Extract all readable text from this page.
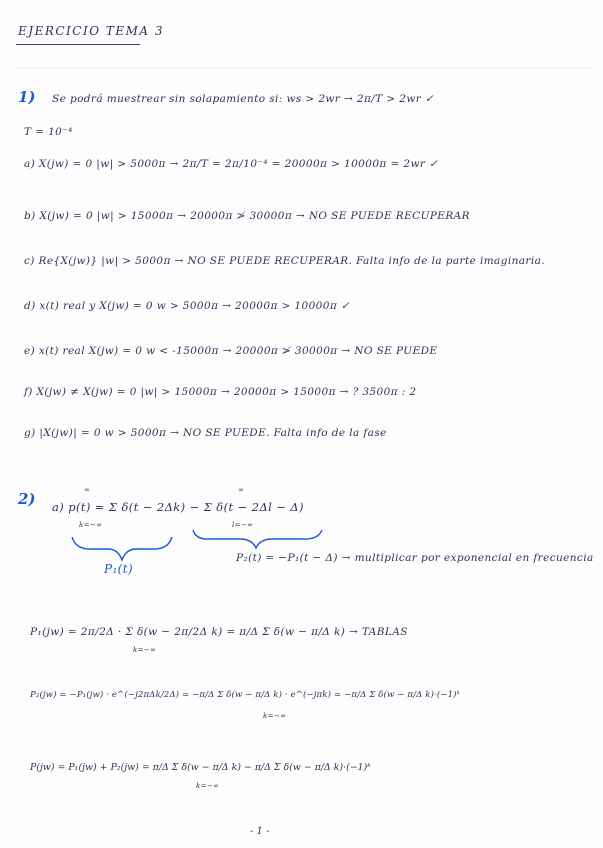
EJERCICIO TEMA 3
1) Se podrá muestrear sin solapamiento si: ws > 2wr → 2π/T > 2wr ✓
T = 10⁻⁴
a) X(jw) = 0 |w| > 5000π → 2π/T = 2π/10⁻⁴ = 20000π > 10000π = 2wr ✓
b) X(jw) = 0 |w| > 15000π → 20000π ≯ 30000π → NO SE PUEDE RECUPERAR
c) Re{X(jw)} |w| > 5000π → NO SE PUEDE RECUPERAR. Falta info de la parte imaginaria.
d) x(t) real y X(jw) = 0 w > 5000π → 20000π > 10000π ✓
e) x(t) real X(jw) = 0 w < -15000π → 20000π ≯ 30000π → NO SE PUEDE
f) X(jw) ≠ X(jw) = 0 |w| > 15000π → 20000π > 15000π → ? 3500π : 2
g) |X(jw)| = 0 w > 5000π → NO SE PUEDE. Falta info de la fase
2) a) p(t) = Σ δ(t − 2Δk) − Σ δ(t − 2Δl − Δ)
∞
k=−∞
∞
l=−∞
P₁(t)
P₂(t) = −P₁(t − Δ) → multiplicar por exponencial en frecuencia
P₁(jw) = 2π/2Δ · Σ δ(w − 2π/2Δ k) = π/Δ Σ δ(w − π/Δ k) → TABLAS
k=−∞
P₂(jw) = −P₁(jw) · e^(−j2πΔk/2Δ) = −π/Δ Σ δ(w − π/Δ k) · e^(−jπk) = −π/Δ Σ δ(w − π/Δ k)·(−1)ᵏ
k=−∞
P(jw) = P₁(jw) + P₂(jw) = π/Δ Σ δ(w − π/Δ k) − π/Δ Σ δ(w − π/Δ k)·(−1)ᵏ
k=−∞
- 1 -
